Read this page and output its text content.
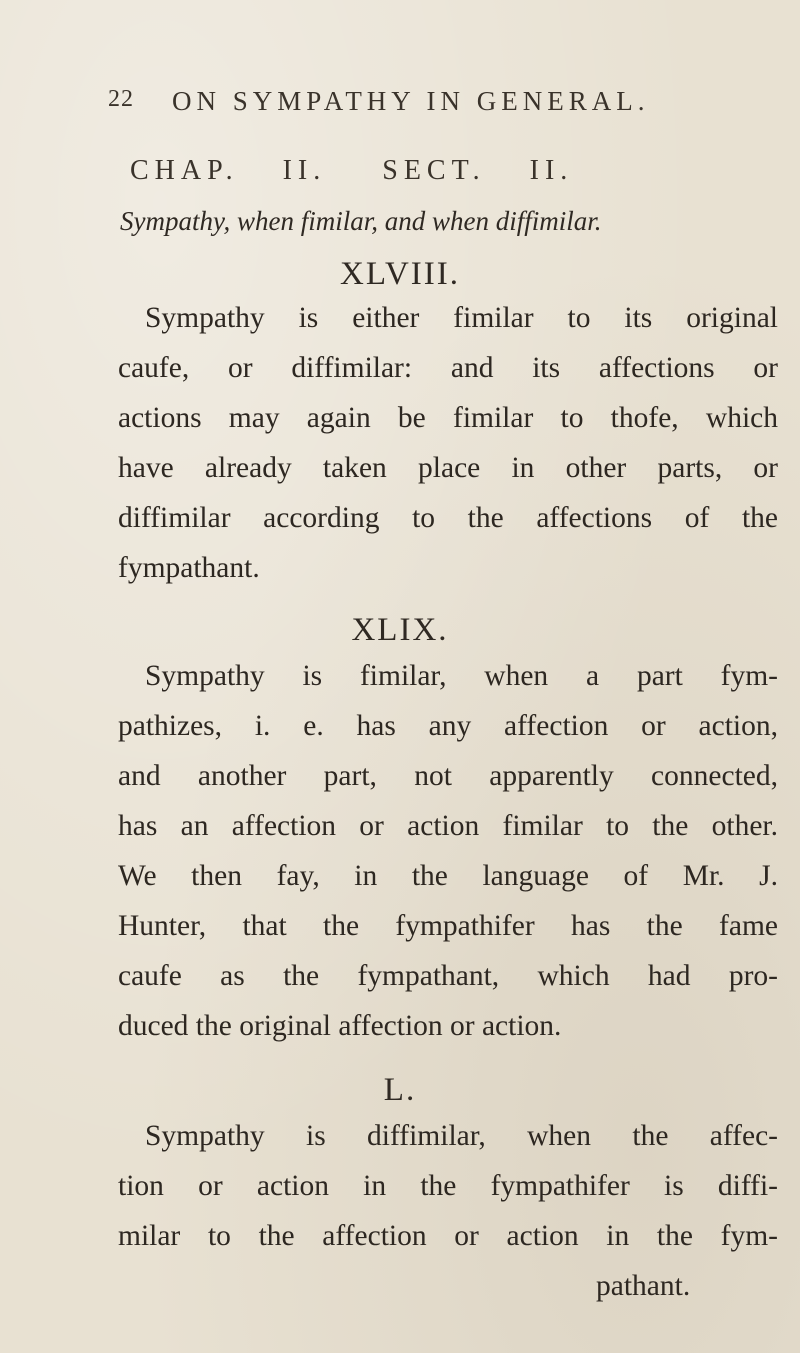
22 ON SYMPATHY IN GENERAL.
CHAP. II. SECT. II.
Sympathy, when fimilar, and when diffimilar.
XLVIII.
Sympathy is either fimilar to its original
caufe, or diffimilar: and its affections or
actions may again be fimilar to thofe, which
have already taken place in other parts, or
diffimilar according to the affections of the
fympathant.
XLIX.
Sympathy is fimilar, when a part fym-
pathizes, i. e. has any affection or action,
and another part, not apparently connected,
has an affection or action fimilar to the other.
We then fay, in the language of Mr. J.
Hunter, that the fympathifer has the fame
caufe as the fympathant, which had pro-
duced the original affection or action.
L.
Sympathy is diffimilar, when the affec-
tion or action in the fympathifer is diffi-
milar to the affection or action in the fym-
pathant.
